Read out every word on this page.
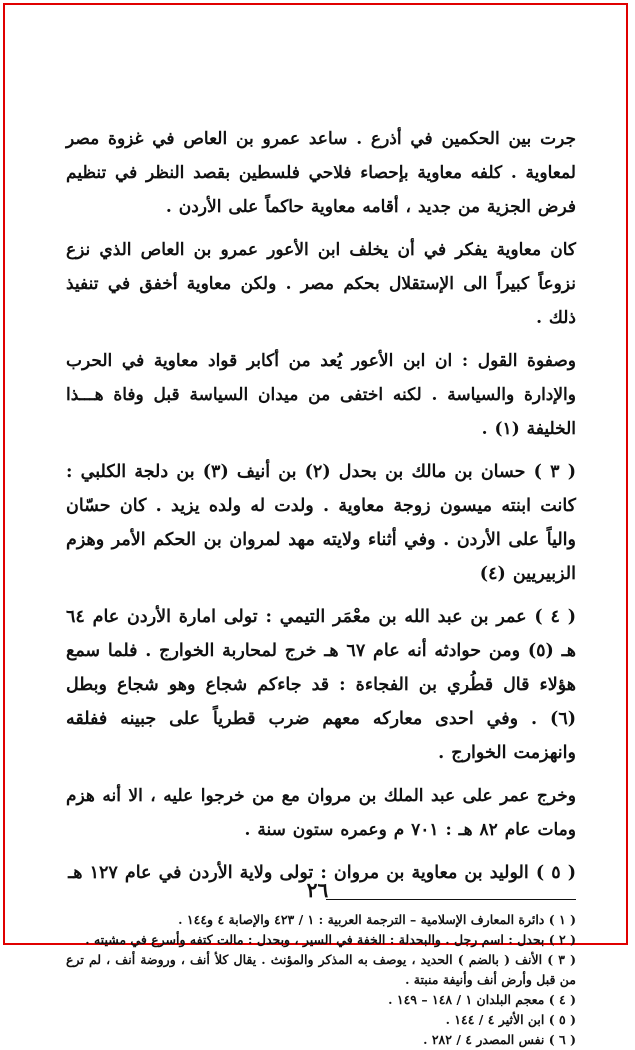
جرت بين الحكمين في أذرع . ساعد عمرو بن العاص في غزوة مصر لمعاوية . كلفه معاوية بإحصاء فلاحي فلسطين بقصد النظر في تنظيم فرض الجزية من جديد ، أقامه معاوية حاكماً على الأردن .

كان معاوية يفكر في أن يخلف ابن الأعور عمرو بن العاص الذي نزع نزوعاً كبيراً الى الإستقلال بحكم مصر . ولكن معاوية أخفق في تنفيذ ذلك .

وصفوة القول : ان ابن الأعور يُعد من أكابر قواد معاوية في الحرب والإدارة والسياسة . لكنه اختفى من ميدان السياسة قبل وفاة هـــذا الخليفة (١) .

( ٣ ) حسان بن مالك بن بحدل (٢) بن أنيف (٣) بن دلجة الكلبي : كانت ابنته ميسون زوجة معاوية . ولدت له ولده يزيد . كان حسّان والياً على الأردن . وفي أثناء ولايته مهد لمروان بن الحكم الأمر وهزم الزبيريين (٤)

( ٤ ) عمر بن عبد الله بن معْمَر التيمي : تولى امارة الأردن عام ٦٤ هـ (٥) ومن حوادثه أنه عام ٦٧ هـ خرج لمحاربة الخوارج . فلما سمع هؤلاء قال قطُري بن الفجاءة : قد جاءكم شجاع وهو شجاع وبطل (٦) . وفي احدى معاركه معهم ضرب قطرياً على جبينه ففلقه وانهزمت الخوارج .

وخرج عمر على عبد الملك بن مروان مع من خرجوا عليه ، الا أنه هزم ومات عام ٨٢ هـ : ٧٠١ م وعمره ستون سنة .

( ٥ ) الوليد بن معاوية بن مروان : تولى ولاية الأردن في عام ١٢٧ هـ

( ١ ) دائرة المعارف الإسلامية – الترجمة العربية : ١ / ٤٢٣ والإصابة ٤ و١٤٤ .

( ٢ ) بحدل : اسم رجل . والبحدلة : الخفة في السير ، وبحدل : مالت كتفه وأسرع في مشيته .

( ٣ ) الأنف ( بالضم ) الحديد ، يوصف به المذكر والمؤنث . يقال كلأ أنف ، وروضة أنف ، لم ترع من قبل وأرض أنف وأنيفة منبتة .

( ٤ ) معجم البلدان ١ / ١٤٨ – ١٤٩ .

( ٥ ) ابن الأثير ٤ / ١٤٤ .

( ٦ ) نفس المصدر ٤ / ٢٨٢ .

٢٦
